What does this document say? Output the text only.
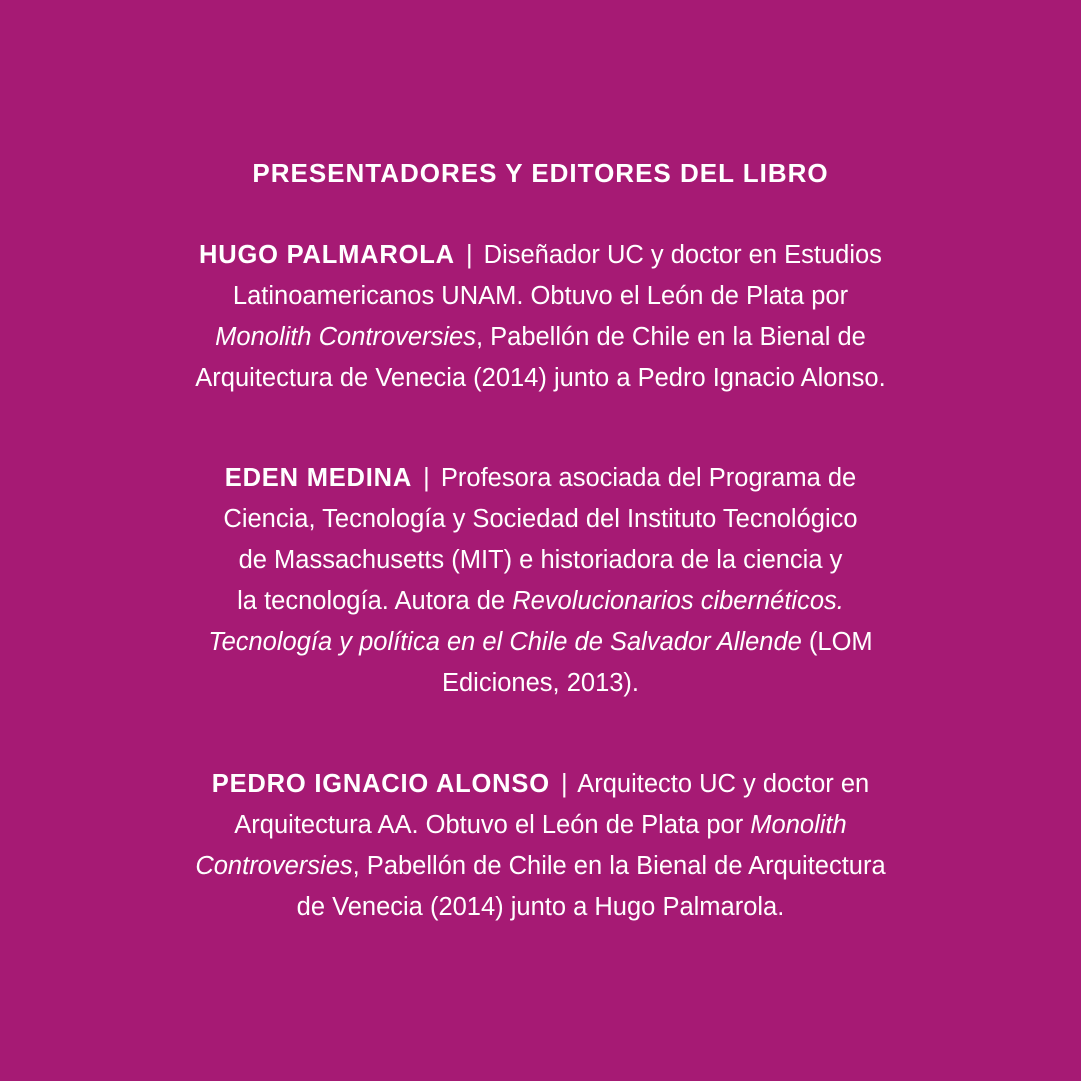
PRESENTADORES Y EDITORES DEL LIBRO

HUGO PALMAROLA | Diseñador UC y doctor en Estudios
Latinoamericanos UNAM. Obtuvo el León de Plata por
Monolith Controversies, Pabellón de Chile en la Bienal de
Arquitectura de Venecia (2014) junto a Pedro Ignacio Alonso.

EDEN MEDINA | Profesora asociada del Programa de
Ciencia, Tecnología y Sociedad del Instituto Tecnológico
de Massachusetts (MIT) e historiadora de la ciencia y
la tecnología. Autora de Revolucionarios cibernéticos.
Tecnología y política en el Chile de Salvador Allende (LOM
Ediciones, 2013).

PEDRO IGNACIO ALONSO | Arquitecto UC y doctor en
Arquitectura AA. Obtuvo el León de Plata por Monolith
Controversies, Pabellón de Chile en la Bienal de Arquitectura
de Venecia (2014) junto a Hugo Palmarola.
